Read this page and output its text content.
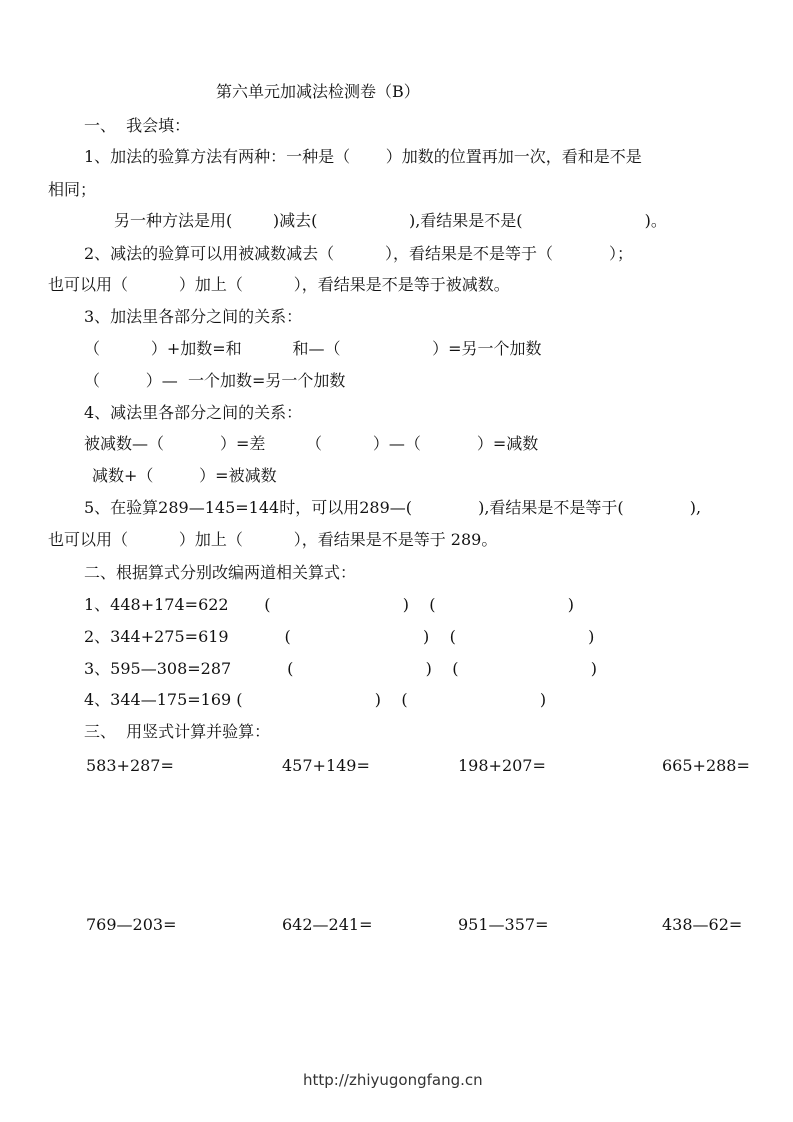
第六单元加减法检测卷（B）
一、  我会填：
1、加法的验算方法有两种：一种是（       ）加数的位置再加一次，看和是不是
相同；
另一种方法是用(        )减去(                  ),看结果是不是(                        )。
2、减法的验算可以用被减数减去（          ），看结果是不是等于（           ）；
也可以用（          ）加上（          ），看结果是不是等于被减数。
3、加法里各部分之间的关系：
（          ）+加数=和          和—（                  ）=另一个加数
（         ）—  一个加数=另一个加数
4、减法里各部分之间的关系：
被减数—（           ）=差        （          ）—（           ）=减数
减数+（         ）=被减数
5、在验算289—145=144时，可以用289—(             ),看结果是不是等于(             ),
也可以用（          ）加上（          ），看结果是不是等于 289。
二、根据算式分别改编两道相关算式：
1、448+174=622       (                          )    (                          )
2、344+275=619           (                          )    (                          )
3、595—308=287           (                          )    (                          )
4、344—175=169 (                          )    (                          )
三、  用竖式计算并验算：
583+287=	457+149=	198+207=	665+288=
769—203=	642—241=	951—357=	438—62=
http://zhiyugongfang.cn
